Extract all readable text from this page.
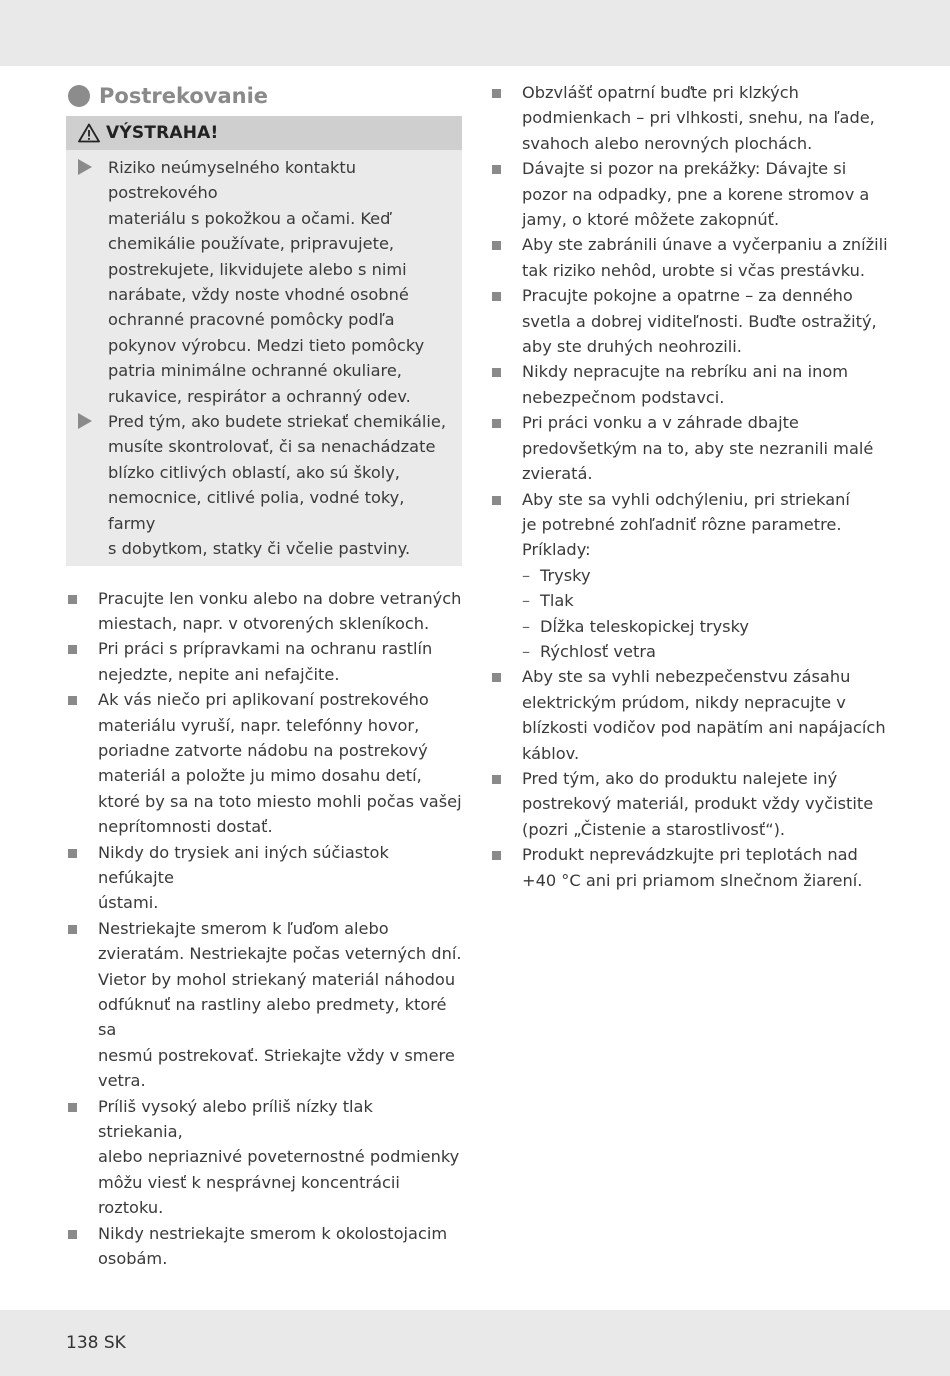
Postrekovanie
VÝSTRAHA!
Riziko neúmyselného kontaktu postrekového
materiálu s pokožkou a očami. Keď
chemikálie používate, pripravujete,
postrekujete, likvidujete alebo s nimi
narábate, vždy noste vhodné osobné
ochranné pracovné pomôcky podľa
pokynov výrobcu. Medzi tieto pomôcky
patria minimálne ochranné okuliare,
rukavice, respirátor a ochranný odev.
Pred tým, ako budete striekať chemikálie,
musíte skontrolovať, či sa nenachádzate
blízko citlivých oblastí, ako sú školy,
nemocnice, citlivé polia, vodné toky, farmy
s dobytkom, statky či včelie pastviny.
Pracujte len vonku alebo na dobre vetraných
miestach, napr. v otvorených skleníkoch.
Pri práci s prípravkami na ochranu rastlín
nejedzte, nepite ani nefajčite.
Ak vás niečo pri aplikovaní postrekového
materiálu vyruší, napr. telefónny hovor,
poriadne zatvorte nádobu na postrekový
materiál a položte ju mimo dosahu detí,
ktoré by sa na toto miesto mohli počas vašej
neprítomnosti dostať.
Nikdy do trysiek ani iných súčiastok nefúkajte
ústami.
Nestriekajte smerom k ľuďom alebo
zvieratám. Nestriekajte počas veterných dní.
Vietor by mohol striekaný materiál náhodou
odfúknuť na rastliny alebo predmety, ktoré sa
nesmú postrekovať. Striekajte vždy v smere
vetra.
Príliš vysoký alebo príliš nízky tlak striekania,
alebo nepriaznivé poveternostné podmienky
môžu viesť k nesprávnej koncentrácii roztoku.
Nikdy nestriekajte smerom k okolostojacim
osobám.
Obzvlášť opatrní buďte pri klzkých
podmienkach – pri vlhkosti, snehu, na ľade,
svahoch alebo nerovných plochách.
Dávajte si pozor na prekážky: Dávajte si
pozor na odpadky, pne a korene stromov a
jamy, o ktoré môžete zakopnúť.
Aby ste zabránili únave a vyčerpaniu a znížili
tak riziko nehôd, urobte si včas prestávku.
Pracujte pokojne a opatrne – za denného
svetla a dobrej viditeľnosti. Buďte ostražitý,
aby ste druhých neohrozili.
Nikdy nepracujte na rebríku ani na inom
nebezpečnom podstavci.
Pri práci vonku a v záhrade dbajte
predovšetkým na to, aby ste nezranili malé
zvieratá.
Aby ste sa vyhli odchýleniu, pri striekaní
je potrebné zohľadniť rôzne parametre.
Príklady:
– Trysky
– Tlak
– Dĺžka teleskopickej trysky
– Rýchlosť vetra
Aby ste sa vyhli nebezpečenstvu zásahu
elektrickým prúdom, nikdy nepracujte v
blízkosti vodičov pod napätím ani napájacích
káblov.
Pred tým, ako do produktu nalejete iný
postrekový materiál, produkt vždy vyčistite
(pozri „Čistenie a starostlivosť“).
Produkt neprevádzkujte pri teplotách nad
+40 °C ani pri priamom slnečnom žiarení.
138 SK
